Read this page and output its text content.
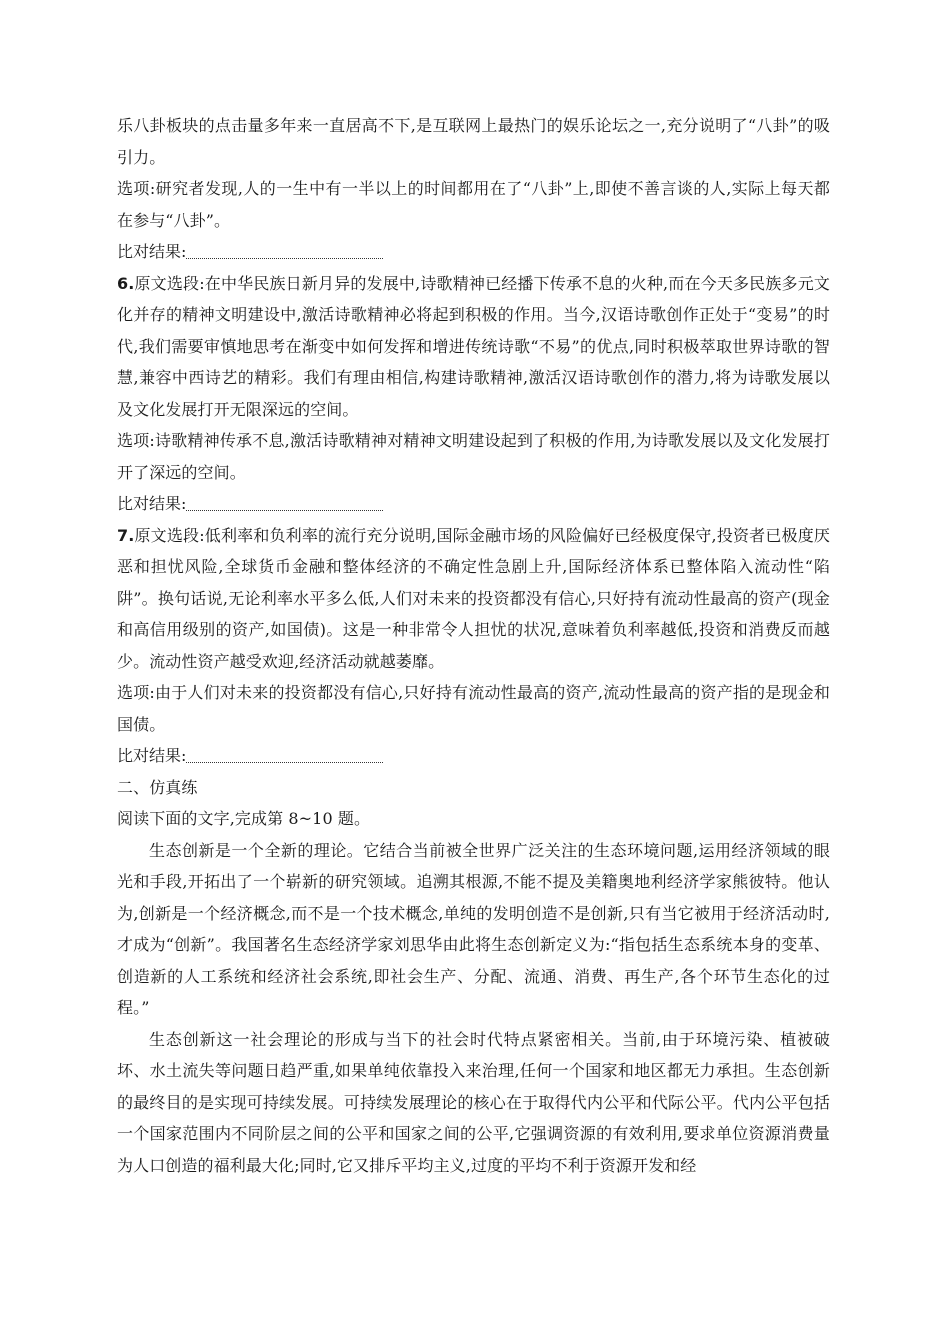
乐八卦板块的点击量多年来一直居高不下,是互联网上最热门的娱乐论坛之一,充分说明了“八卦”的吸引力。

选项:研究者发现,人的一生中有一半以上的时间都用在了“八卦”上,即使不善言谈的人,实际上每天都在参与“八卦”。

比对结果:

6.原文选段:在中华民族日新月异的发展中,诗歌精神已经播下传承不息的火种,而在今天多民族多元文化并存的精神文明建设中,激活诗歌精神必将起到积极的作用。当今,汉语诗歌创作正处于“变易”的时代,我们需要审慎地思考在渐变中如何发挥和增进传统诗歌“不易”的优点,同时积极萃取世界诗歌的智慧,兼容中西诗艺的精彩。我们有理由相信,构建诗歌精神,激活汉语诗歌创作的潜力,将为诗歌发展以及文化发展打开无限深远的空间。

选项:诗歌精神传承不息,激活诗歌精神对精神文明建设起到了积极的作用,为诗歌发展以及文化发展打开了深远的空间。

比对结果:

7.原文选段:低利率和负利率的流行充分说明,国际金融市场的风险偏好已经极度保守,投资者已极度厌恶和担忧风险,全球货币金融和整体经济的不确定性急剧上升,国际经济体系已整体陷入流动性“陷阱”。换句话说,无论利率水平多么低,人们对未来的投资都没有信心,只好持有流动性最高的资产(现金和高信用级别的资产,如国债)。这是一种非常令人担忧的状况,意味着负利率越低,投资和消费反而越少。流动性资产越受欢迎,经济活动就越萎靡。

选项:由于人们对未来的投资都没有信心,只好持有流动性最高的资产,流动性最高的资产指的是现金和国债。

比对结果:

二、仿真练

阅读下面的文字,完成第 8~10 题。

生态创新是一个全新的理论。它结合当前被全世界广泛关注的生态环境问题,运用经济领域的眼光和手段,开拓出了一个崭新的研究领域。追溯其根源,不能不提及美籍奥地利经济学家熊彼特。他认为,创新是一个经济概念,而不是一个技术概念,单纯的发明创造不是创新,只有当它被用于经济活动时,才成为“创新”。我国著名生态经济学家刘思华由此将生态创新定义为:“指包括生态系统本身的变革、创造新的人工系统和经济社会系统,即社会生产、分配、流通、消费、再生产,各个环节生态化的过程。”

生态创新这一社会理论的形成与当下的社会时代特点紧密相关。当前,由于环境污染、植被破坏、水土流失等问题日趋严重,如果单纯依靠投入来治理,任何一个国家和地区都无力承担。生态创新的最终目的是实现可持续发展。可持续发展理论的核心在于取得代内公平和代际公平。代内公平包括一个国家范围内不同阶层之间的公平和国家之间的公平,它强调资源的有效利用,要求单位资源消费量为人口创造的福利最大化;同时,它又排斥平均主义,过度的平均不利于资源开发和经
